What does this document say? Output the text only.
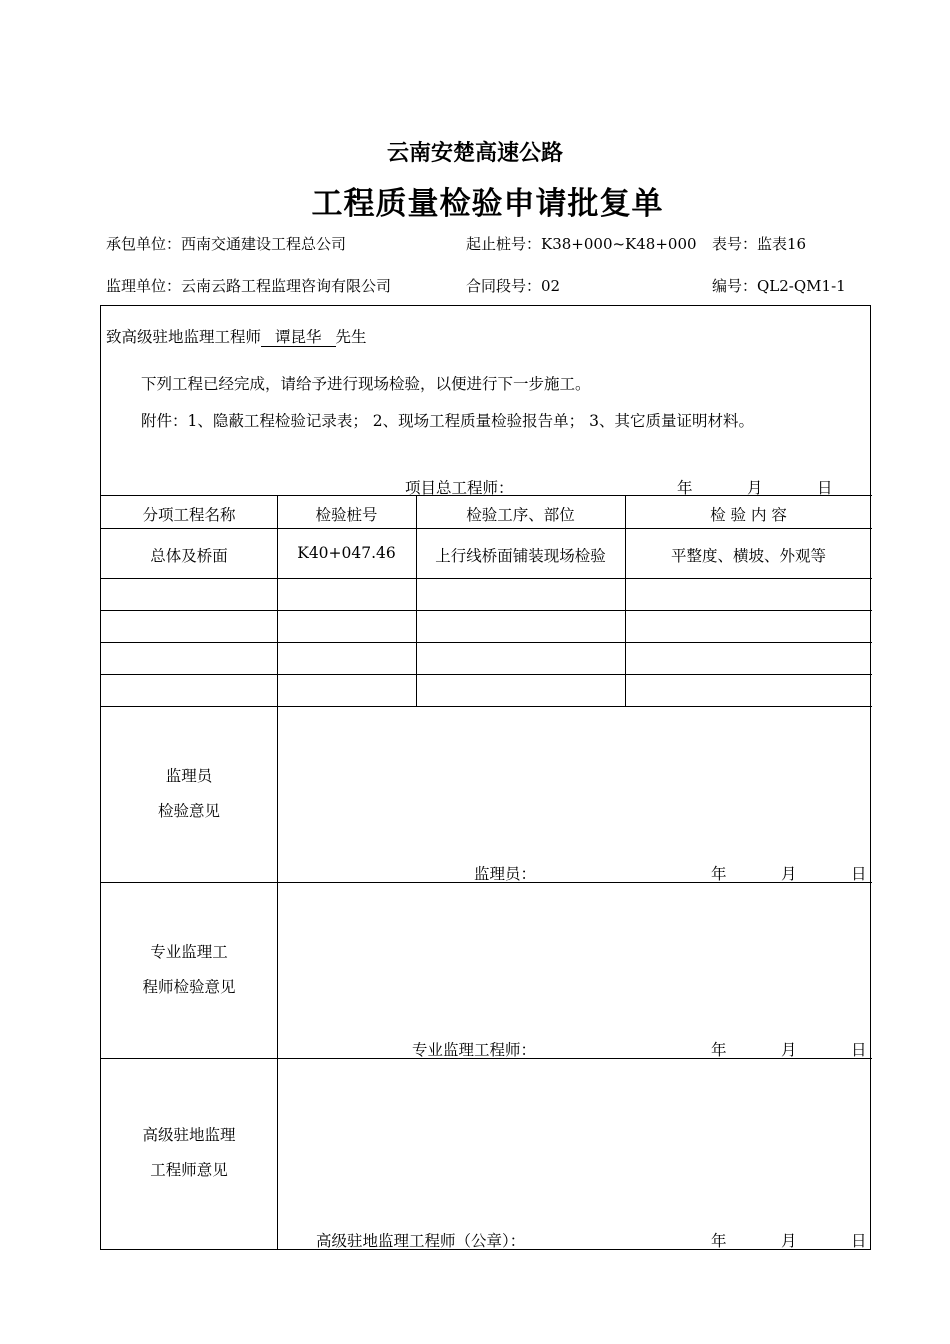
云南安楚高速公路
工程质量检验申请批复单
承包单位：西南交通建设工程总公司	起止桩号：K38+000~K48+000 表号：监表16
监理单位：云南云路工程监理咨询有限公司	合同段号：02	编号：QL2-QM1-1
致高级驻地监理工程师 谭昆华 先生
下列工程已经完成，请给予进行现场检验，以便进行下一步施工。
附件：1、隐蔽工程检验记录表； 2、现场工程质量检验报告单； 3、其它质量证明材料。
项目总工程师：	年	月	日
分项工程名称	检验桩号	检验工序、部位	检 验 内 容
总体及桥面	K40+047.46	上行线桥面铺装现场检验	平整度、横坡、外观等
监理员
检验意见
监理员：	年	月	日
专业监理工
程师检验意见
专业监理工程师：	年	月	日
高级驻地监理
工程师意见
高级驻地监理工程师（公章）：	年	月	日
